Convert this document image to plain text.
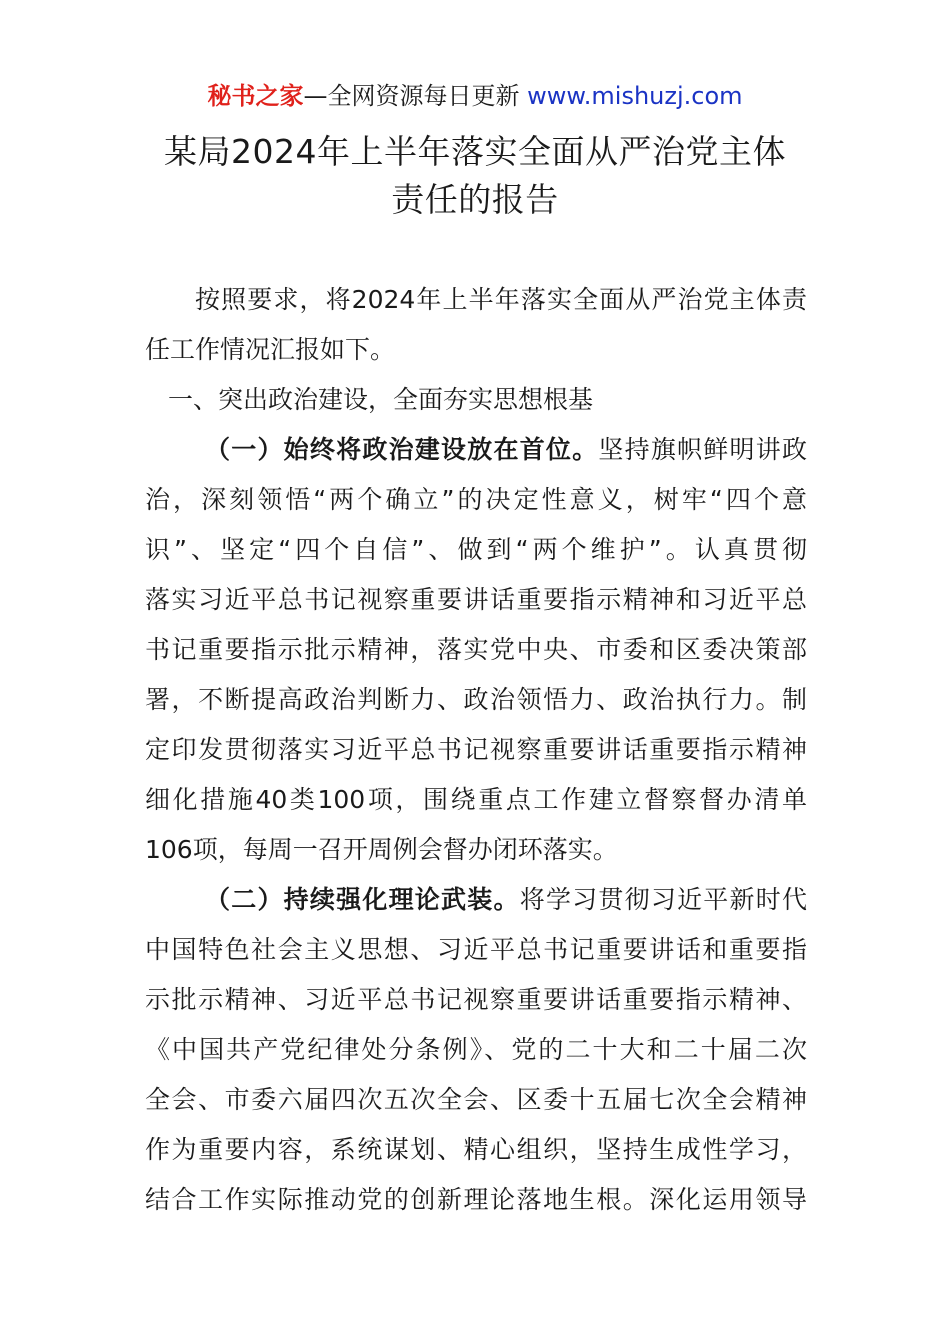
秘书之家—全网资源每日更新 www.mishuzj.com
某局2024年上半年落实全面从严治党主体
责任的报告
按照要求，将2024年上半年落实全面从严治党主体责
任工作情况汇报如下。
一、突出政治建设，全面夯实思想根基
（一）始终将政治建设放在首位。坚持旗帜鲜明讲政
治，深刻领悟“两个确立”的决定性意义，树牢“四个意
识”、坚定“四个自信”、做到“两个维护”。认真贯彻
落实习近平总书记视察重要讲话重要指示精神和习近平总
书记重要指示批示精神，落实党中央、市委和区委决策部
署，不断提高政治判断力、政治领悟力、政治执行力。制
定印发贯彻落实习近平总书记视察重要讲话重要指示精神
细化措施40类100项，围绕重点工作建立督察督办清单
106项，每周一召开周例会督办闭环落实。
（二）持续强化理论武装。将学习贯彻习近平新时代
中国特色社会主义思想、习近平总书记重要讲话和重要指
示批示精神、习近平总书记视察重要讲话重要指示精神、
《中国共产党纪律处分条例》、党的二十大和二十届二次
全会、市委六届四次五次全会、区委十五届七次全会精神
作为重要内容，系统谋划、精心组织，坚持生成性学习，
结合工作实际推动党的创新理论落地生根。深化运用领导
